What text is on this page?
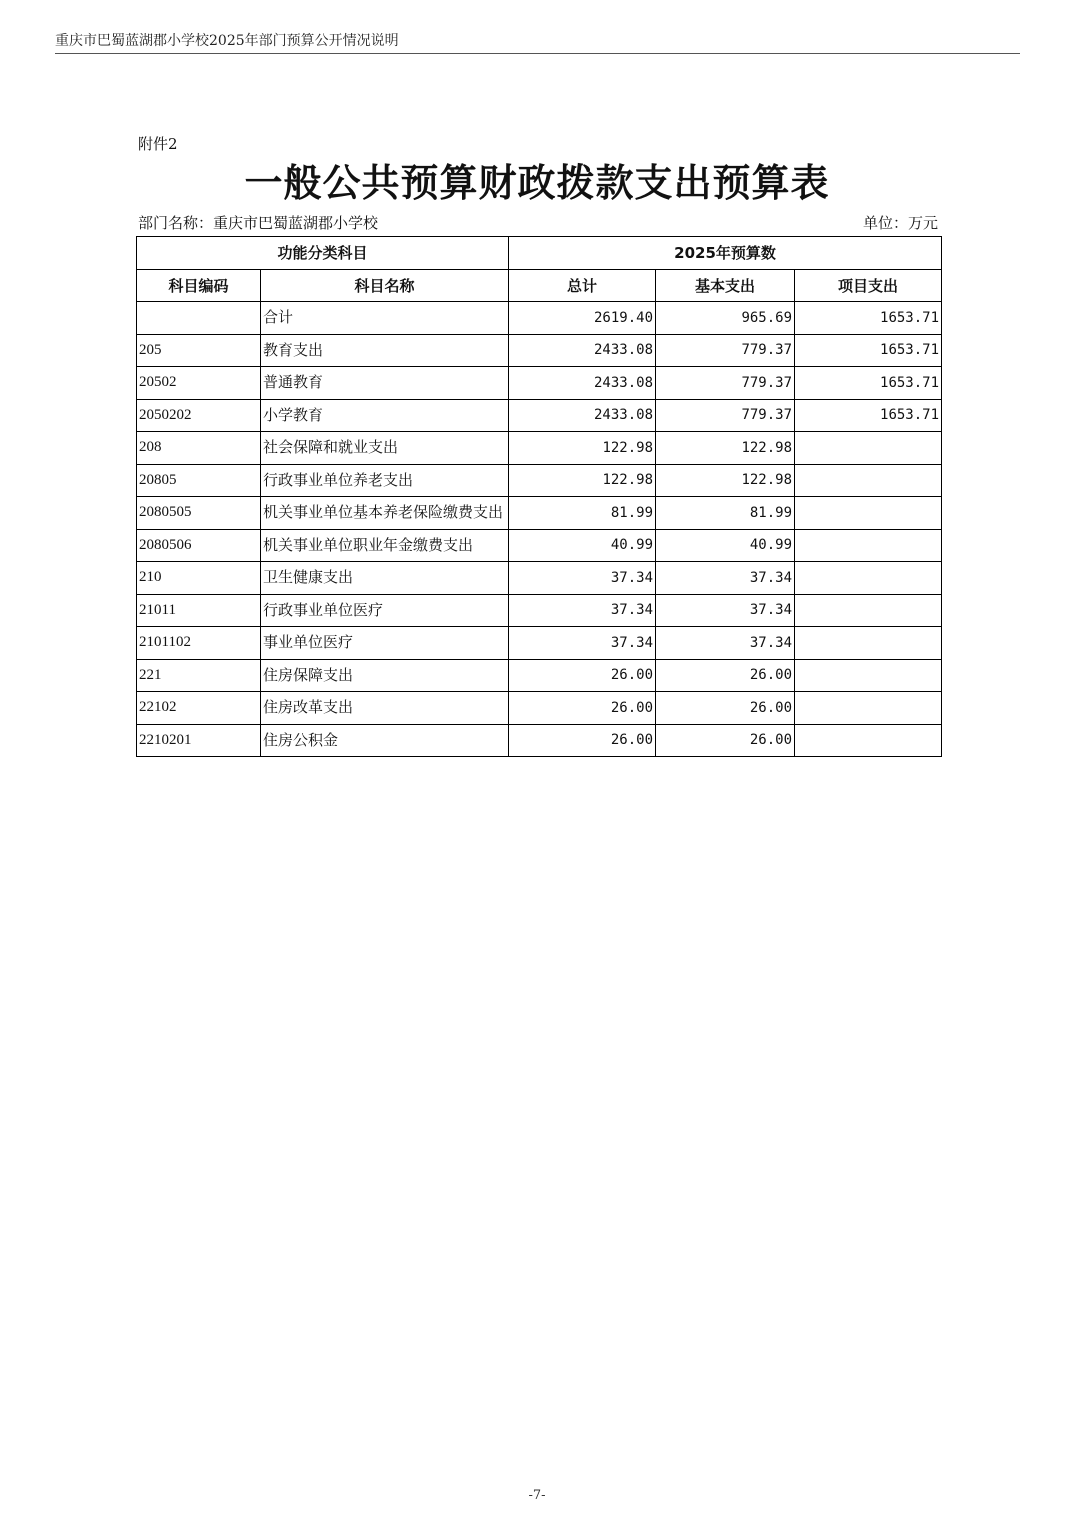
重庆市巴蜀蓝湖郡小学校2025年部门预算公开情况说明
附件2
一般公共预算财政拨款支出预算表
部门名称：重庆市巴蜀蓝湖郡小学校	单位：万元
功能分类科目		2025年预算数		
科目编码	科目名称	总计	基本支出	项目支出
	合计	2619.40	965.69	1653.71
205	教育支出	2433.08	779.37	1653.71
20502	普通教育	2433.08	779.37	1653.71
2050202	小学教育	2433.08	779.37	1653.71
208	社会保障和就业支出	122.98	122.98	
20805	行政事业单位养老支出	122.98	122.98	
2080505	机关事业单位基本养老保险缴费支出	81.99	81.99	
2080506	机关事业单位职业年金缴费支出	40.99	40.99	
210	卫生健康支出	37.34	37.34	
21011	行政事业单位医疗	37.34	37.34	
2101102	事业单位医疗	37.34	37.34	
221	住房保障支出	26.00	26.00	
22102	住房改革支出	26.00	26.00	
2210201	住房公积金	26.00	26.00	
-7-
